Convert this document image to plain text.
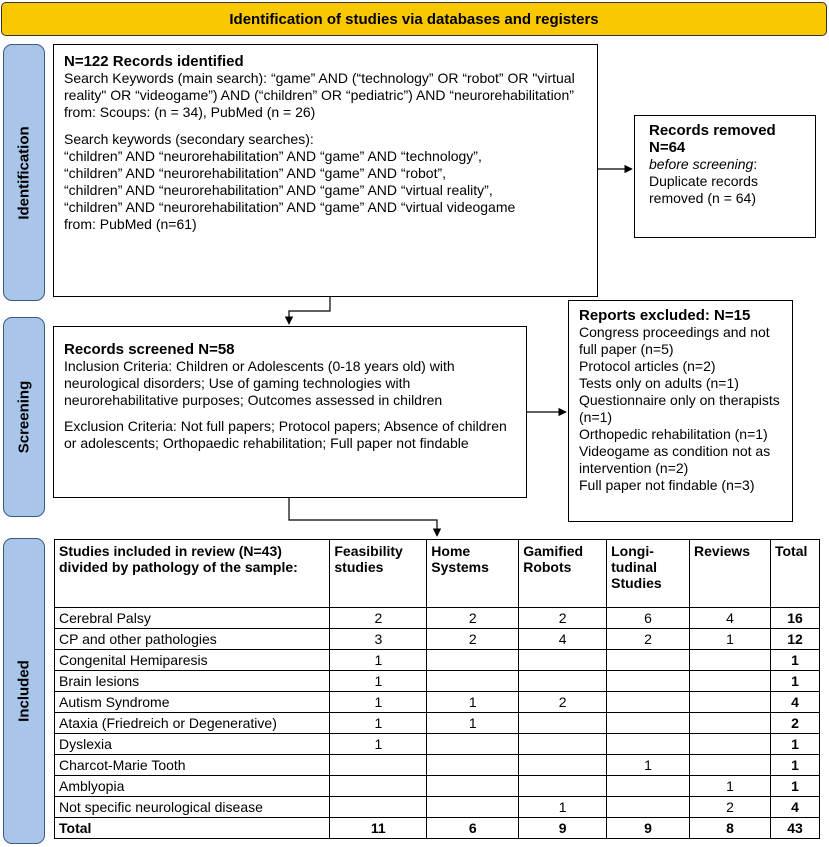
Identification of studies via databases and registers
Identification
Screening
Included

N=122 Records identified

Search Keywords (main search): “game” AND (“technology” OR “robot” OR "virtual reality" OR “videogame”) AND (“children” OR “pediatric”) AND “neurorehabilitation”

from: Scoups: (n = 34), PubMed (n = 26)

Search keywords (secondary searches):

“children” AND “neurorehabilitation” AND “game” AND “technology”,

“children” AND “neurorehabilitation” AND “game” AND “robot”,

“children” AND “neurorehabilitation” AND “game” AND “virtual reality”,

“children” AND “neurorehabilitation” AND “game” AND “virtual videogame

from: PubMed (n=61)

Records removed

N=64

before screening:

Duplicate records removed (n = 64)

Records screened N=58

Inclusion Criteria: Children or Adolescents (0-18 years old) with neurological disorders; Use of gaming technologies with neurorehabilitative purposes; Outcomes assessed in children

Exclusion Criteria: Not full papers; Protocol papers; Absence of children or adolescents; Orthopaedic rehabilitation; Full paper not findable

Reports excluded: N=15

Congress proceedings and not full paper (n=5)

Protocol articles (n=2)

Tests only on adults (n=1)

Questionnaire only on therapists (n=1)

Orthopedic rehabilitation (n=1)

Videogame as condition not as intervention (n=2)

Full paper not findable (n=3)

Studies included in review (N=43) divided by pathology of the sample:	Feasibility studies	Home Systems	Gamified Robots	Longi-tudinal Studies	Reviews	Total
Cerebral Palsy	2	2	2	6	4	16
CP and other pathologies	3	2	4	2	1	12
Congenital Hemiparesis	1					1
Brain lesions	1					1
Autism Syndrome	1	1	2			4
Ataxia (Friedreich or Degenerative)	1	1				2
Dyslexia	1					1
Charcot-Marie Tooth				1		1
Amblyopia					1	1
Not specific neurological disease			1		2	4
Total	11	6	9	9	8	43
